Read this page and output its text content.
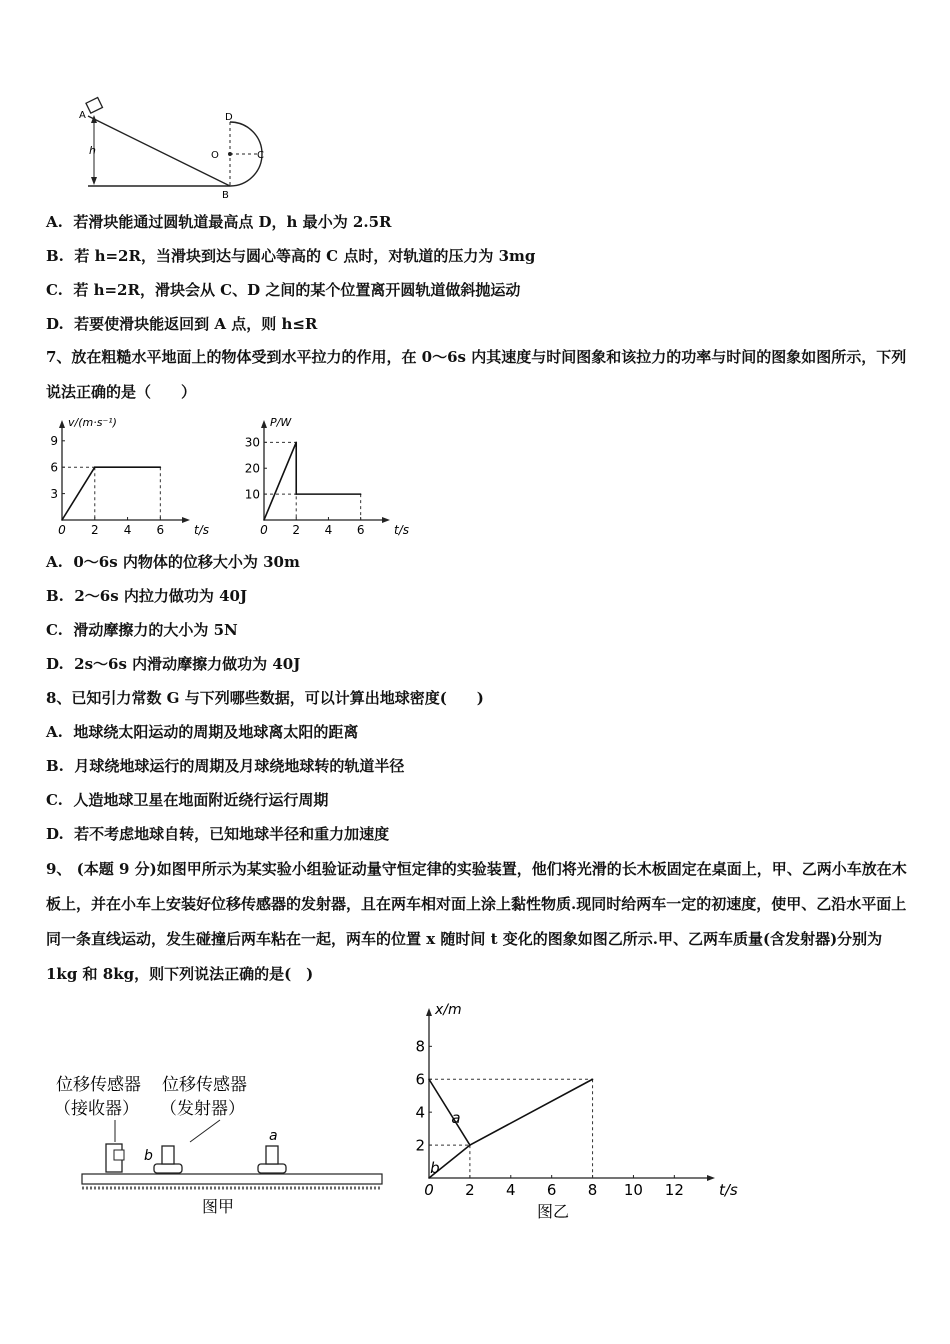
A
h
B
D
O	C
A. 若滑块能通过圆轨道最高点 D，h 最小为 2.5R
B. 若 h=2R，当滑块到达与圆心等高的 C 点时，对轨道的压力为 3mg
C. 若 h=2R，滑块会从 C、D 之间的某个位置离开圆轨道做斜抛运动
D. 若要使滑块能返回到 A 点，则 h≤R
7、放在粗糙水平地面上的物体受到水平拉力的作用，在 0～6s 内其速度与时间图象和该拉力的功率与时间的图象如图所示，下列说法正确的是（　　）
0 2 4 6
3
6
9
t/s
v/(m·s⁻¹)
0 2 4 6
10
20
30
t/s
P/W
A. 0～6s 内物体的位移大小为 30m
B. 2～6s 内拉力做功为 40J
C. 滑动摩擦力的大小为 5N
D. 2s～6s 内滑动摩擦力做功为 40J
8、已知引力常数 G 与下列哪些数据，可以计算出地球密度(　　)
A. 地球绕太阳运动的周期及地球离太阳的距离
B. 月球绕地球运行的周期及月球绕地球转的轨道半径
C. 人造地球卫星在地面附近绕行运行周期
D. 若不考虑地球自转，已知地球半径和重力加速度
9、 (本题 9 分)如图甲所示为某实验小组验证动量守恒定律的实验装置，他们将光滑的长木板固定在桌面上，甲、乙两小车放在木板上，并在小车上安装好位移传感器的发射器，且在两车相对面上涂上黏性物质.现同时给两车一定的初速度，使甲、乙沿水平面上同一条直线运动，发生碰撞后两车粘在一起，两车的位置 x 随时间 t 变化的图象如图乙所示.甲、乙两车质量(含发射器)分别为 1kg 和 8kg，则下列说法正确的是(　)
位移传感器
（接收器）
位移传感器
（发射器）
b
a
图甲
0 2 4 6 8 10 12
2
4
6
8
t/s
x/m
a
b
图乙
